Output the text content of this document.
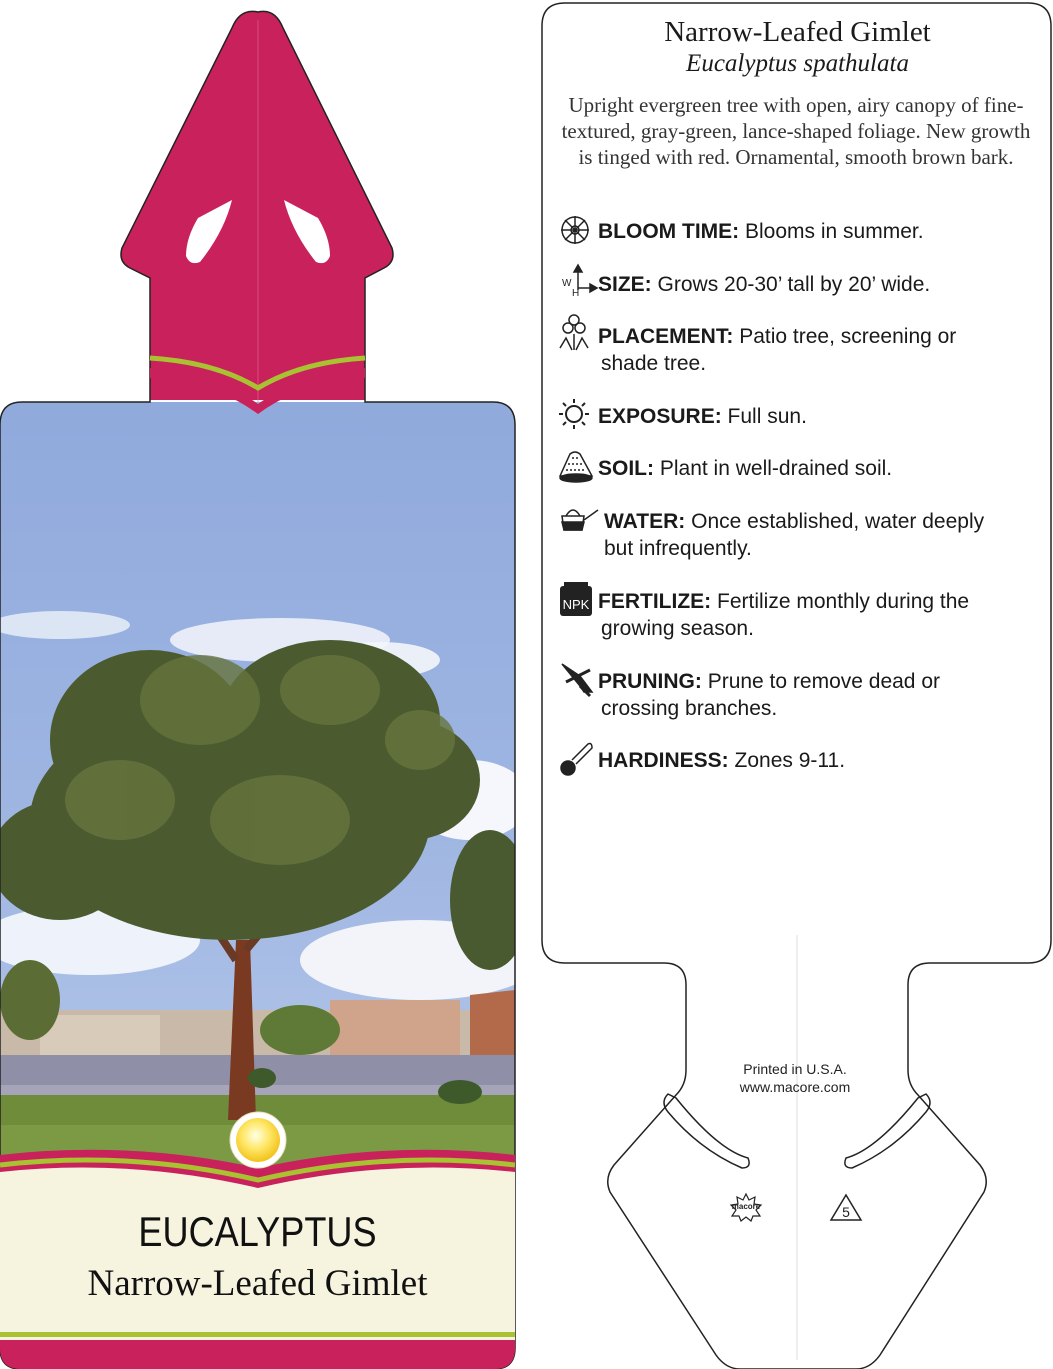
NPK
EUCALYPTUS
Narrow-Leafed Gimlet
Narrow-Leafed Gimlet
Eucalyptus spathulata
Upright evergreen tree with open, airy canopy of fine-textured, gray-green, lance-shaped foliage. New growth is tinged with red. Ornamental, smooth brown bark.
BLOOM TIME: Blooms in summer.
SIZE: Grows 20-30’ tall by 20’ wide.
PLACEMENT: Patio tree, screening or
shade tree.
EXPOSURE: Full sun.
SOIL: Plant in well-drained soil.
WATER: Once established, water deeply
but infrequently.
FERTILIZE: Fertilize monthly during the
growing season.
PRUNING: Prune to remove dead or
crossing branches.
HARDINESS: Zones 9-11.
W
H
Printed in U.S.A.
www.macore.com
macore	5
